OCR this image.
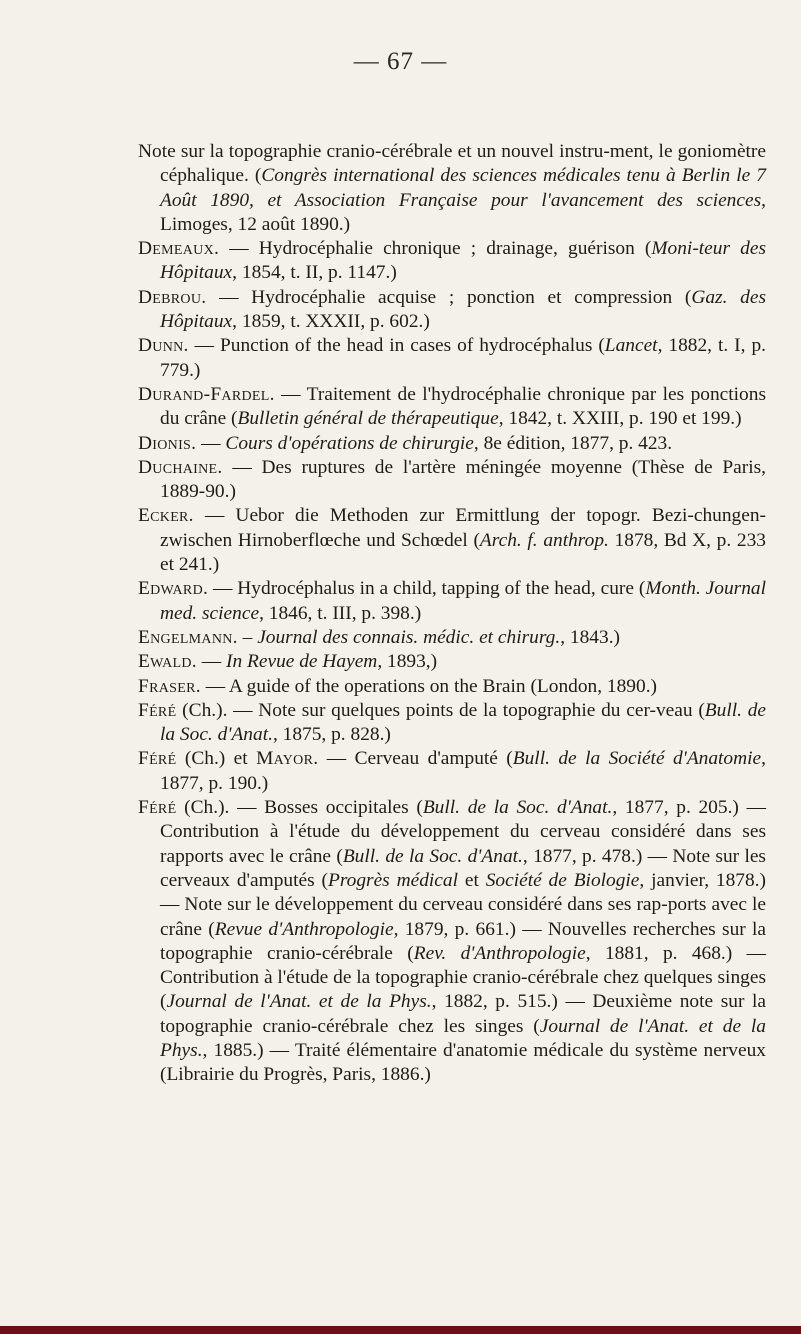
— 67 —

Note sur la topographie cranio-cérébrale et un nouvel instru-ment, le goniomètre céphalique. (Congrès international des sciences médicales tenu à Berlin le 7 Août 1890, et Association Française pour l'avancement des sciences, Limoges, 12 août 1890.)

Demeaux. — Hydrocéphalie chronique ; drainage, guérison (Moni-teur des Hôpitaux, 1854, t. II, p. 1147.)

Debrou. — Hydrocéphalie acquise ; ponction et compression (Gaz. des Hôpitaux, 1859, t. XXXII, p. 602.)

Dunn. — Punction of the head in cases of hydrocéphalus (Lancet, 1882, t. I, p. 779.)

Durand-Fardel. — Traitement de l'hydrocéphalie chronique par les ponctions du crâne (Bulletin général de thérapeutique, 1842, t. XXIII, p. 190 et 199.)

Dionis. — Cours d'opérations de chirurgie, 8e édition, 1877, p. 423.

Duchaine. — Des ruptures de l'artère méningée moyenne (Thèse de Paris, 1889-90.)

Ecker. — Uebor die Methoden zur Ermittlung der topogr. Bezi-chungen-zwischen Hirnoberflœche und Schœdel (Arch. f. anthrop. 1878, Bd X, p. 233 et 241.)

Edward. — Hydrocéphalus in a child, tapping of the head, cure (Month. Journal med. science, 1846, t. III, p. 398.)

Engelmann. – Journal des connais. médic. et chirurg., 1843.)

Ewald. — In Revue de Hayem, 1893,)

Fraser. — A guide of the operations on the Brain (London, 1890.)

Féré (Ch.). — Note sur quelques points de la topographie du cer-veau (Bull. de la Soc. d'Anat., 1875, p. 828.)

Féré (Ch.) et Mayor. — Cerveau d'amputé (Bull. de la Société d'Anatomie, 1877, p. 190.)

Féré (Ch.). — Bosses occipitales (Bull. de la Soc. d'Anat., 1877, p. 205.) — Contribution à l'étude du développement du cerveau considéré dans ses rapports avec le crâne (Bull. de la Soc. d'Anat., 1877, p. 478.) — Note sur les cerveaux d'amputés (Progrès médical et Société de Biologie, janvier, 1878.) — Note sur le développement du cerveau considéré dans ses rap-ports avec le crâne (Revue d'Anthropologie, 1879, p. 661.) — Nouvelles recherches sur la topographie cranio-cérébrale (Rev. d'Anthropologie, 1881, p. 468.) — Contribution à l'étude de la topographie cranio-cérébrale chez quelques singes (Journal de l'Anat. et de la Phys., 1882, p. 515.) — Deuxième note sur la topographie cranio-cérébrale chez les singes (Journal de l'Anat. et de la Phys., 1885.) — Traité élémentaire d'anatomie médicale du système nerveux (Librairie du Progrès, Paris, 1886.)
